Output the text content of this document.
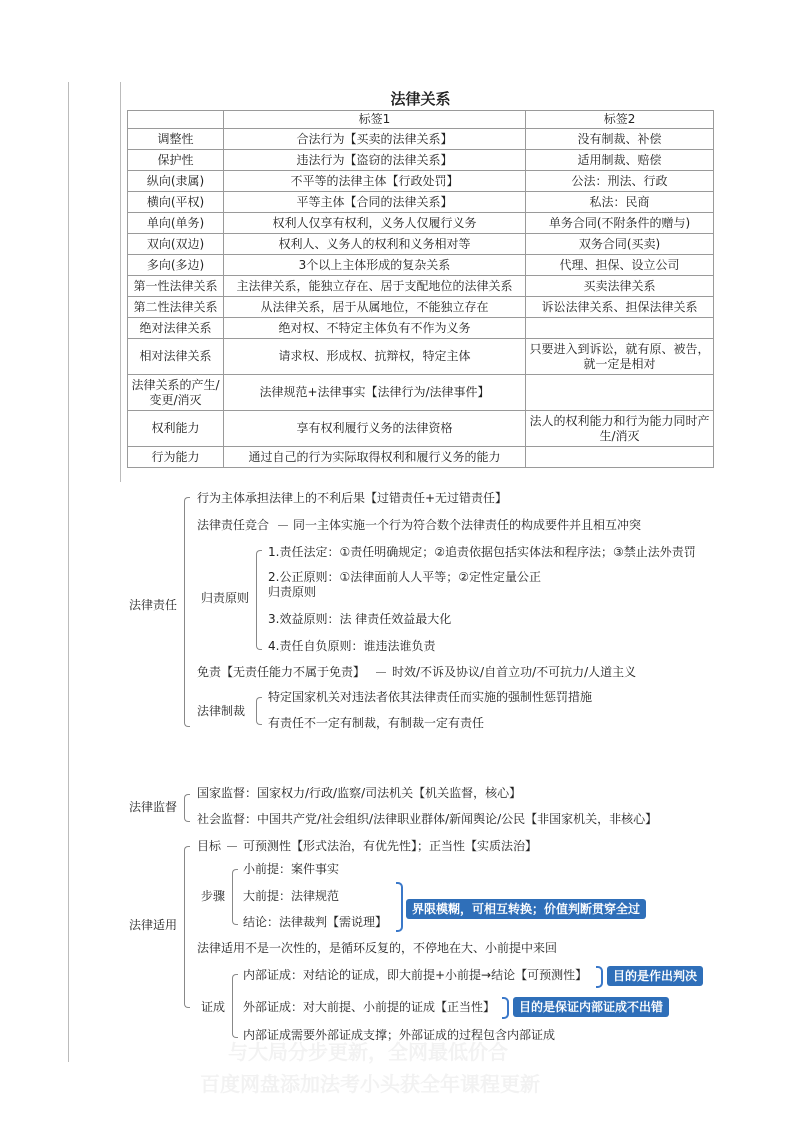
法律关系		
	标签1	标签2
调整性	合法行为【买卖的法律关系】	没有制裁、补偿
保护性	违法行为【盗窃的法律关系】	适用制裁、赔偿
纵向(隶属)	不平等的法律主体【行政处罚】	公法：刑法、行政
横向(平权)	平等主体【合同的法律关系】	私法：民商
单向(单务)	权利人仅享有权利，义务人仅履行义务	单务合同(不附条件的赠与)
双向(双边)	权利人、义务人的权利和义务相对等	双务合同(买卖)
多向(多边)	3个以上主体形成的复杂关系	代理、担保、设立公司
第一性法律关系	主法律关系，能独立存在、居于支配地位的法律关系	买卖法律关系
第二性法律关系	从法律关系，居于从属地位，不能独立存在	诉讼法律关系、担保法律关系
绝对法律关系	绝对权、不特定主体负有不作为义务	
相对法律关系	请求权、形成权、抗辩权，特定主体	只要进入到诉讼，就有原、被告，就一定是相对
法律关系的产生/变更/消灭	法律规范+法律事实【法律行为/法律事件】	
权利能力	享有权利履行义务的法律资格	法人的权利能力和行为能力同时产生/消灭
行为能力	通过自己的行为实际取得权利和履行义务的能力	
法律责任
行为主体承担法律上的不利后果【过错责任+无过错责任】
法律责任竞合 同一主体实施一个行为符合数个法律责任的构成要件并且相互冲突
归责原则
1.责任法定：①责任明确规定；②追责依据包括实体法和程序法；③禁止法外责罚
2.公正原则：①法律面前人人平等；②定性定量公正
归责原则
3.效益原则：法 律责任效益最大化
4.责任自负原则：谁违法谁负责
免责【无责任能力不属于免责】 时效/不诉及协议/自首立功/不可抗力/人道主义
法律制裁
特定国家机关对违法者依其法律责任而实施的强制性惩罚措施
有责任不一定有制裁，有制裁一定有责任
法律监督
国家监督：国家权力/行政/监察/司法机关【机关监督，核心】
社会监督：中国共产党/社会组织/法律职业群体/新闻舆论/公民【非国家机关，非核心】
法律适用
目标 可预测性【形式法治，有优先性】；正当性【实质法治】
步骤
小前提：案件事实
大前提：法律规范
结论：法律裁判【需说理】
界限模糊，可相互转换；价值判断贯穿全过
法律适用不是一次性的，是循环反复的，不停地在大、小前提中来回
证成
内部证成：对结论的证成，即大前提+小前提→结论【可预测性】	目的是作出判决
外部证成：对大前提、小前提的证成【正当性】	目的是保证内部证成不出错
内部证成需要外部证成支撑；外部证成的过程包含内部证成
与大局分步更新，全网最低价合
百度网盘添加法考小头获全年课程更新
